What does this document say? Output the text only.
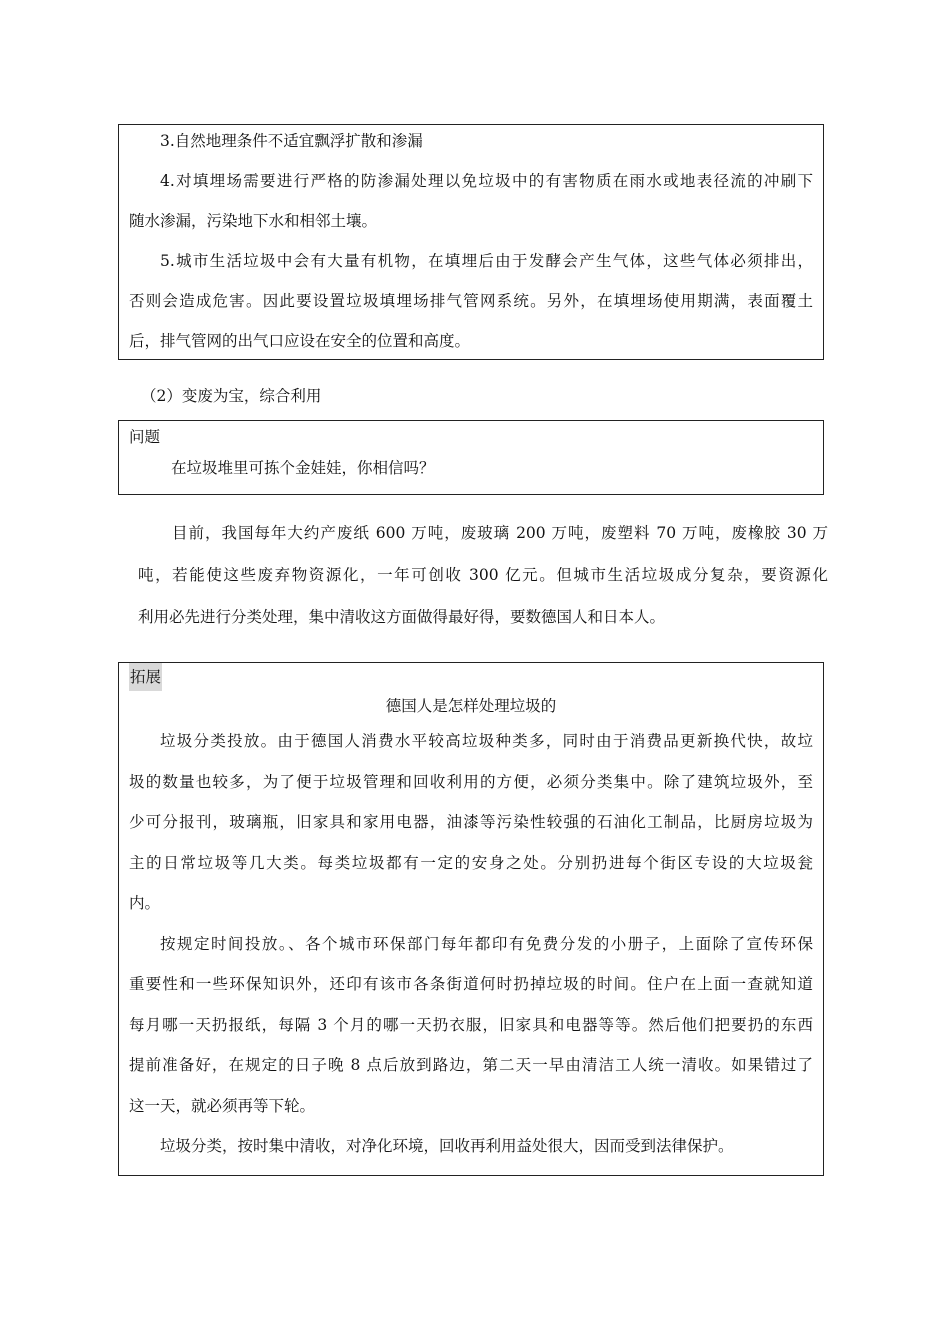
3.自然地理条件不适宜飘浮扩散和渗漏

4.对填埋场需要进行严格的防渗漏处理以免垃圾中的有害物质在雨水或地表径流的冲刷下

随水渗漏，污染地下水和相邻土壤。

5.城市生活垃圾中会有大量有机物，在填埋后由于发酵会产生气体，这些气体必须排出，

否则会造成危害。因此要设置垃圾填埋场排气管网系统。另外，在填埋场使用期满，表面覆土

后，排气管网的出气口应设在安全的位置和高度。

（2）变废为宝，综合利用
问题
在垃圾堆里可拣个金娃娃，你相信吗？

目前，我国每年大约产废纸 600 万吨，废玻璃 200 万吨，废塑料 70 万吨，废橡胶 30 万

吨，若能使这些废弃物资源化，一年可创收 300 亿元。但城市生活垃圾成分复杂，要资源化

利用必先进行分类处理，集中清收这方面做得最好得，要数德国人和日本人。

拓展
德国人是怎样处理垃圾的

垃圾分类投放。由于德国人消费水平较高垃圾种类多，同时由于消费品更新换代快，故垃

圾的数量也较多，为了便于垃圾管理和回收利用的方便，必须分类集中。除了建筑垃圾外，至

少可分报刊，玻璃瓶，旧家具和家用电器，油漆等污染性较强的石油化工制品，比厨房垃圾为

主的日常垃圾等几大类。每类垃圾都有一定的安身之处。分别扔进每个街区专设的大垃圾瓮

内。

按规定时间投放。、各个城市环保部门每年都印有免费分发的小册子，上面除了宣传环保

重要性和一些环保知识外，还印有该市各条街道何时扔掉垃圾的时间。住户在上面一查就知道

每月哪一天扔报纸，每隔 3 个月的哪一天扔衣服，旧家具和电器等等。然后他们把要扔的东西

提前准备好，在规定的日子晚 8 点后放到路边，第二天一早由清洁工人统一清收。如果错过了

这一天，就必须再等下轮。

垃圾分类，按时集中清收，对净化环境，回收再利用益处很大，因而受到法律保护。
